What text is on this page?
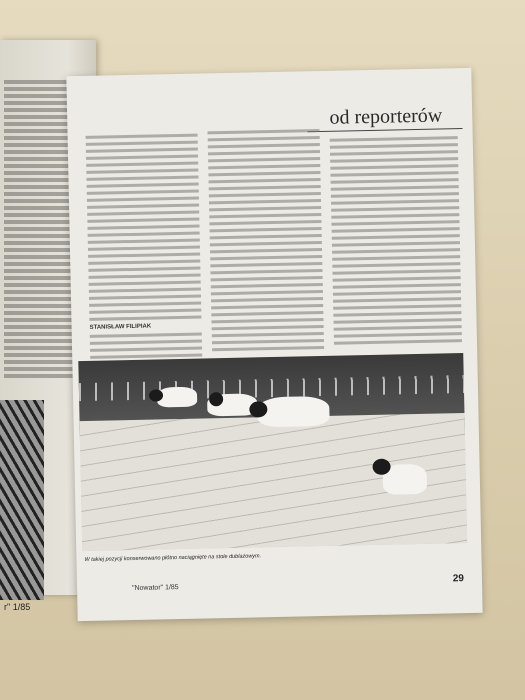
r" 1/85
od reporterów
STANISŁAW FILIPIAK
W takiej pozycji konserwowano płótno naciągnięte na stole dublażowym.
"Nowator" 1/85
29
